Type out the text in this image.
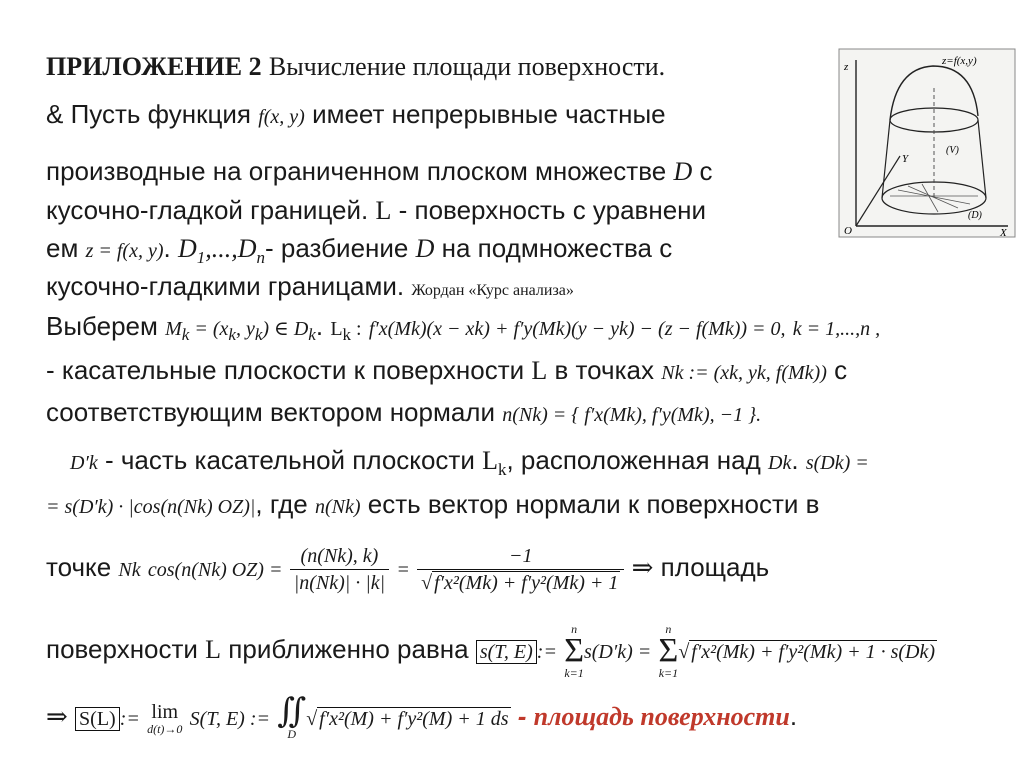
z	z=f(x,y)
(V)
Y
(D)
O	X
ПРИЛОЖЕНИЕ 2 Вычисление площади поверхности.
& Пусть функция f(x, y) имеет непрерывные частные
производные на ограниченном плоском множестве D с
кусочно-гладкой границей. L - поверхность с уравнени
ем z = f(x, y). $D_1,...,D_n-$ разбиение D на подмножества с
кусочно-гладкими границами. Жордан «Курс анализа»
Выберем $M_k = (x_k$, $y_k$) ∈ $D_k$. $L_k$ : f′x(Mk)(x − xk) + f′y(Mk)(y − yk) − (z − f(Mk)) = 0, k = 1,...,n ,
- касательные плоскости к поверхности L в точках Nk := (xk, yk, f(Mk)) с
соответствующим вектором нормали n(Nk) = { f′x(Mk), f′y(Mk), −1 }.
D′k - часть касательной плоскости $L_k$, расположенная над Dk. s(Dk) =
= s(D′k) · |cos(n(Nk) OZ)|, где n(Nk) есть вектор нормали к поверхности в
точке Nk cos(n(Nk) $OZ) = \frac{(n(Nk), k)}{|n(Nk)| \cdot |k|} = \frac{-1}{\text{√ f′x²(Mk) + f′y²(Mk) + 1}}$ ⇒ площадь
поверхности L приближенно равна s(T, E) :=
n
Σ
k=1
s(D′k) =
n
Σ
k=1
√ f′x²(Mk) + f′y²(Mk) + 1 · s(Dk)
⇒ S(L) := lim
d(t)→0 S(T, E) := ∬
D
√ f′x²(M) + f′y²(M) + 1 ds - площадь поверхности.
